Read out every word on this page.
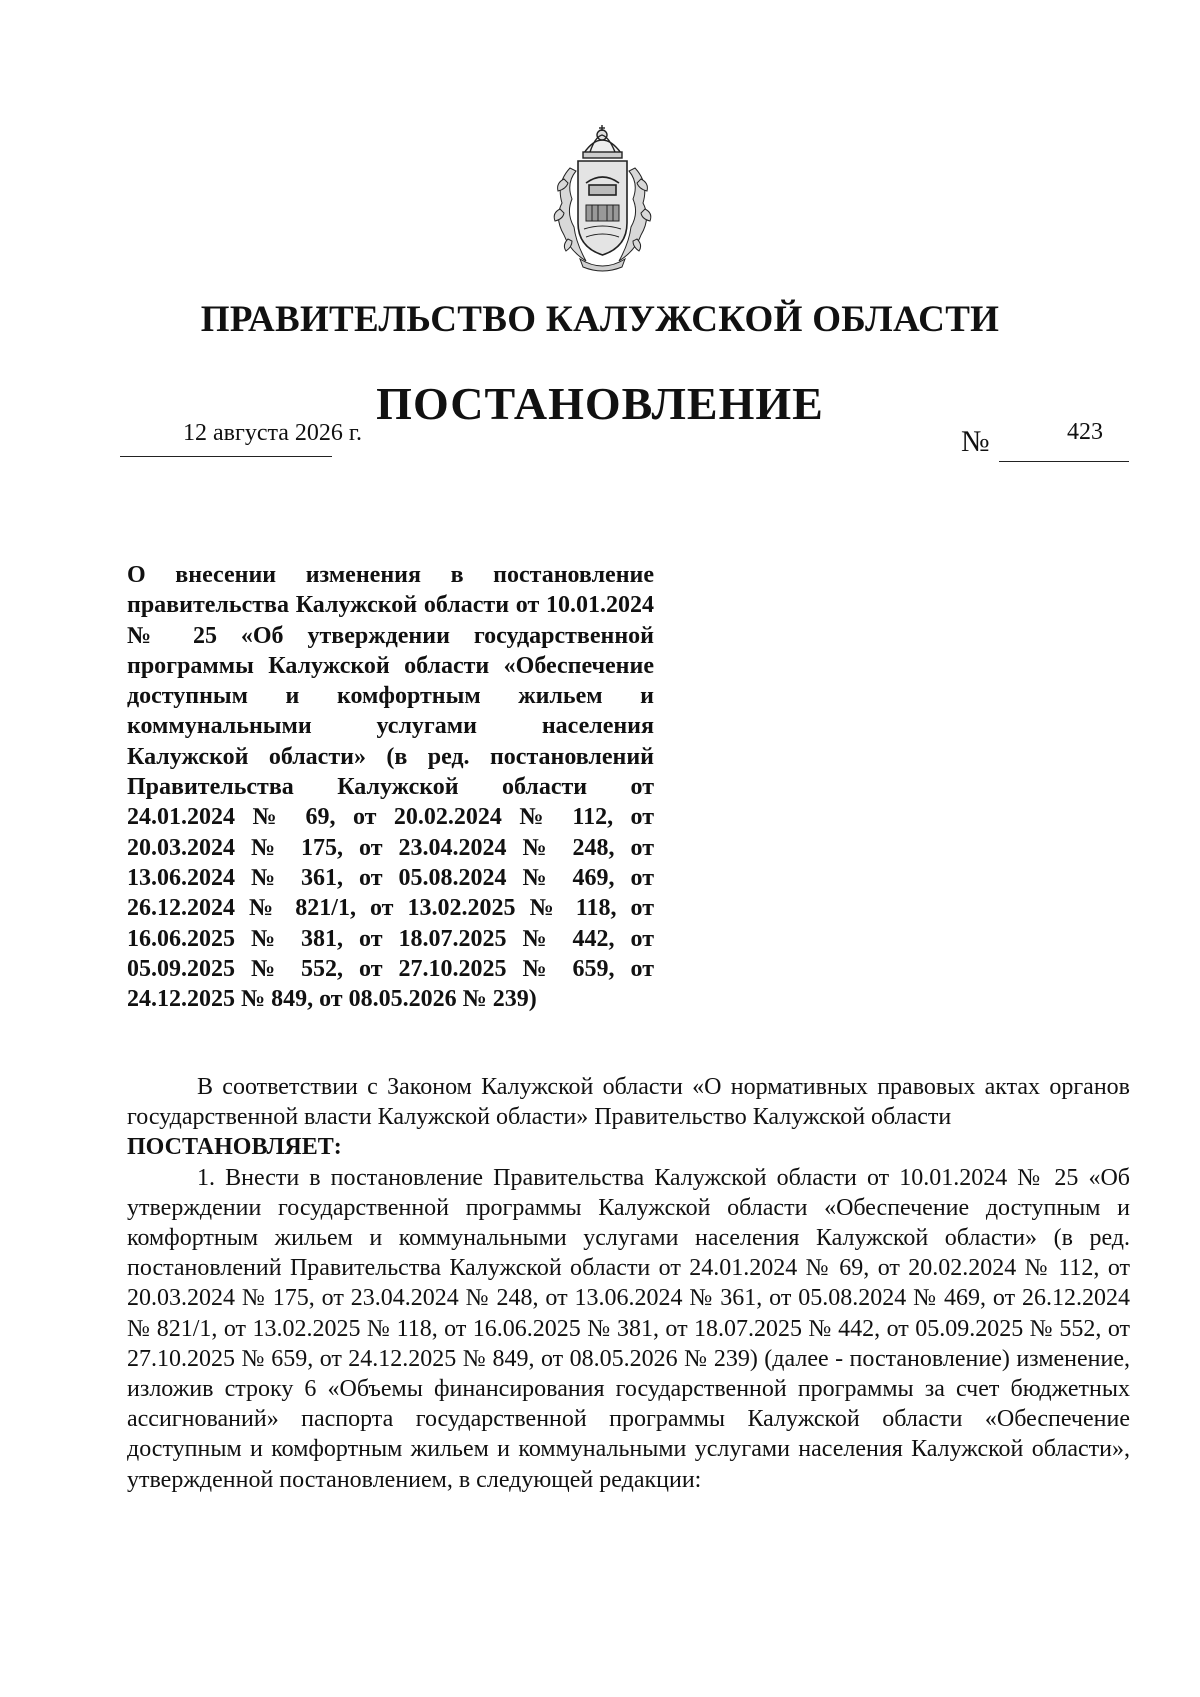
ПРАВИТЕЛЬСТВО КАЛУЖСКОЙ ОБЛАСТИ
ПОСТАНОВЛЕНИЕ
12 августа 2026 г.	№	423
О внесении изменения в постановление правительства Калужской области от 10.01.2024 № 25 «Об утверждении государственной программы Калужской области «Обеспечение доступным и комфортным жильем и коммунальными услугами населения Калужской области» (в ред. постановлений Правительства Калужской области от 24.01.2024 № 69, от 20.02.2024 № 112, от 20.03.2024 № 175, от 23.04.2024 № 248, от 13.06.2024 № 361, от 05.08.2024 № 469, от 26.12.2024 № 821/1, от 13.02.2025 № 118, от 16.06.2025 № 381, от 18.07.2025 № 442, от 05.09.2025 № 552, от 27.10.2025 № 659, от 24.12.2025 № 849, от 08.05.2026 № 239)

В соответствии с Законом Калужской области «О нормативных правовых актах органов государственной власти Калужской области» Правительство Калужской области

ПОСТАНОВЛЯЕТ:

1. Внести в постановление Правительства Калужской области от 10.01.2024 № 25 «Об утверждении государственной программы Калужской области «Обеспечение доступным и комфортным жильем и коммунальными услугами населения Калужской области» (в ред. постановлений Правительства Калужской области от 24.01.2024 № 69, от 20.02.2024 № 112, от 20.03.2024 № 175, от 23.04.2024 № 248, от 13.06.2024 № 361, от 05.08.2024 № 469, от 26.12.2024 № 821/1, от 13.02.2025 № 118, от 16.06.2025 № 381, от 18.07.2025 № 442, от 05.09.2025 № 552, от 27.10.2025 № 659, от 24.12.2025 № 849, от 08.05.2026 № 239) (далее - постановление) изменение, изложив строку 6 «Объемы финансирования государственной программы за счет бюджетных ассигнований» паспорта государственной программы Калужской области «Обеспечение доступным и комфортным жильем и коммунальными услугами населения Калужской области», утвержденной постановлением, в следующей редакции:
